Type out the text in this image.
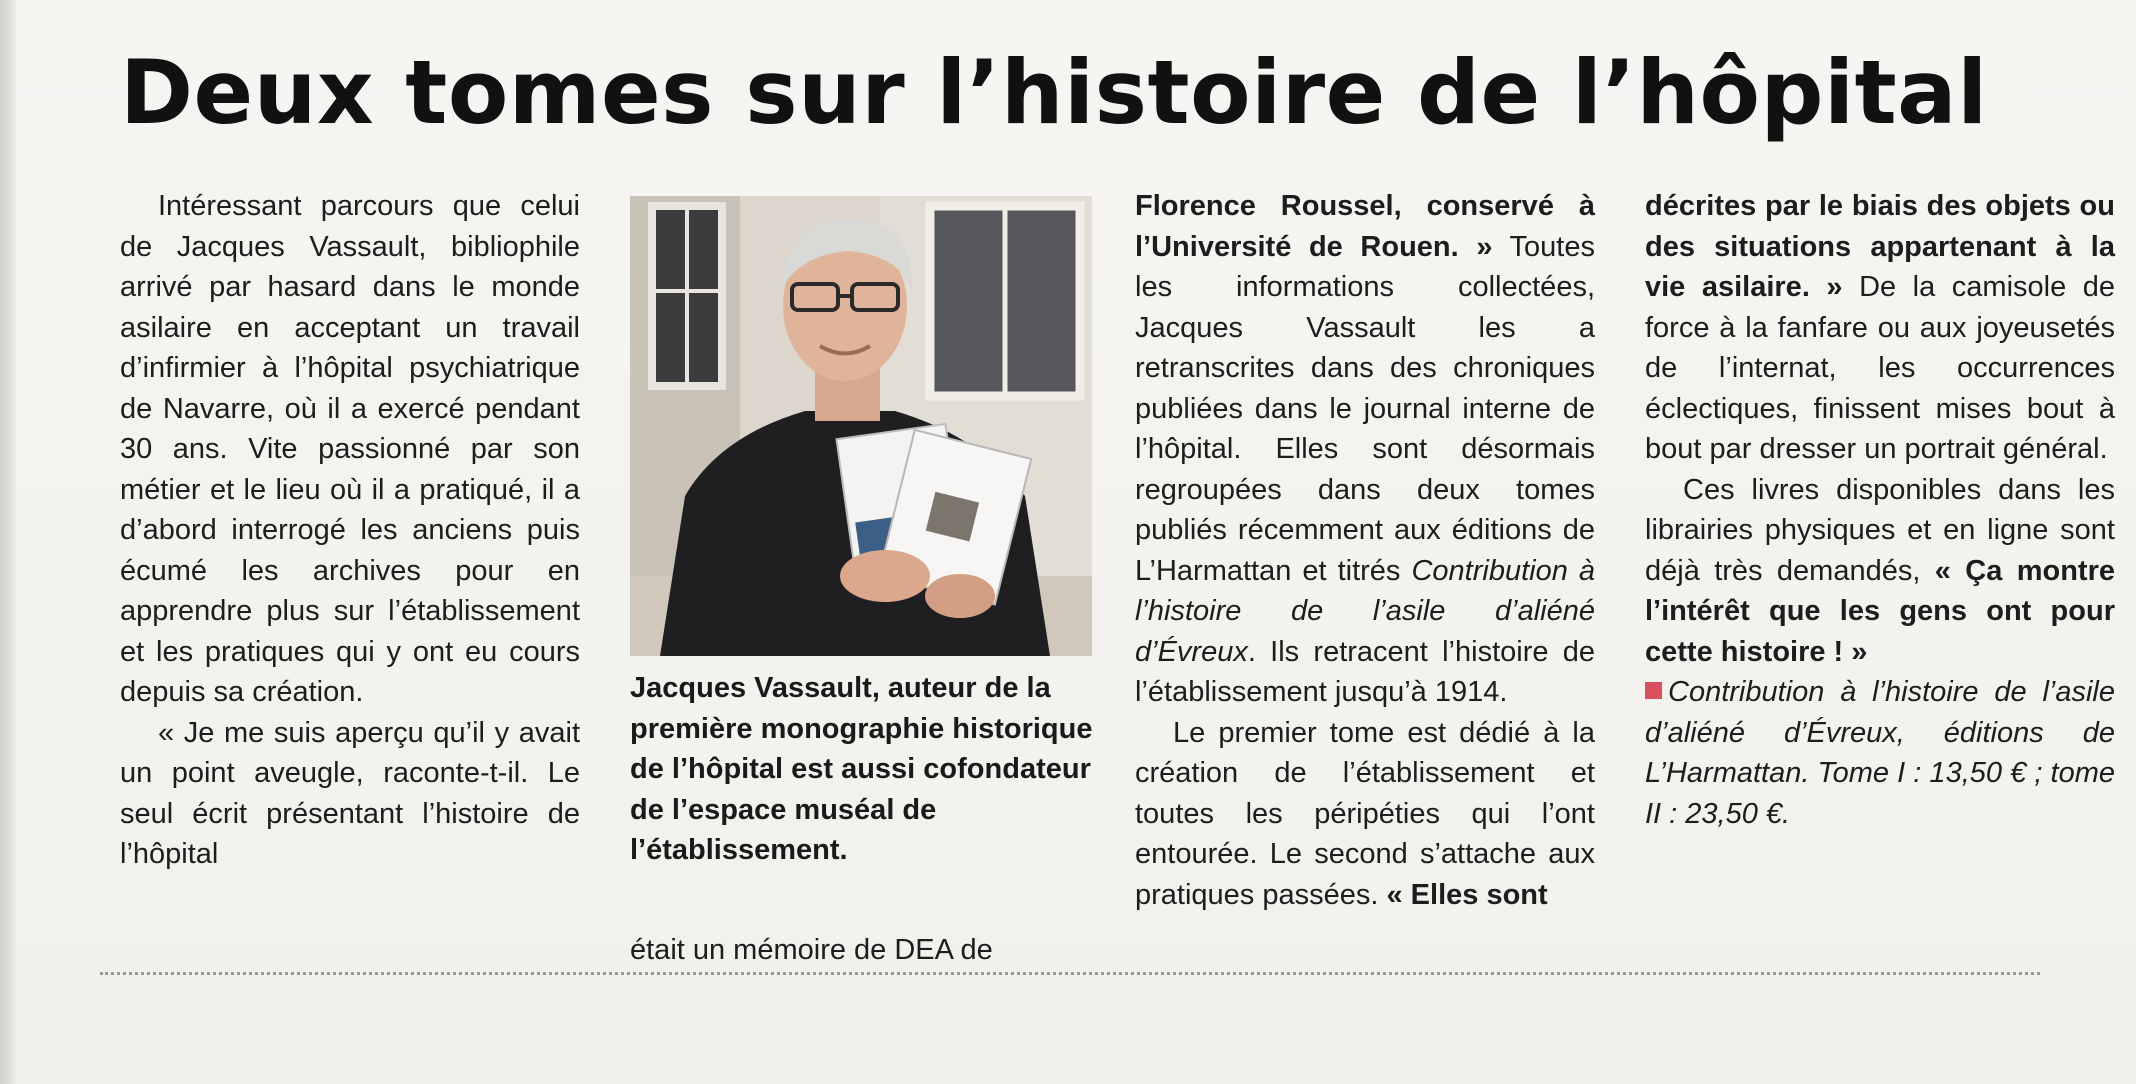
Deux tomes sur l’histoire de l’hôpital

Intéressant parcours que celui de Jacques Vassault, bibliophile arrivé par hasard dans le monde asilaire en acceptant un travail d’infirmier à l’hôpital psychiatrique de Navarre, où il a exercé pendant 30 ans. Vite passionné par son métier et le lieu où il a pratiqué, il a d’abord interrogé les anciens puis écumé les archives pour en apprendre plus sur l’établissement et les pratiques qui y ont eu cours depuis sa création.

« Je me suis aperçu qu’il y avait un point aveugle, raconte-t-il. Le seul écrit présentant l’histoire de l’hôpital

Jacques Vassault, auteur de la première monographie historique de l’hôpital est aussi cofondateur de l’espace muséal de l’établissement.
était un mémoire de DEA de

Florence Roussel, conservé à l’Université de Rouen. » Toutes les informations collectées, Jacques Vassault les a retranscrites dans des chroniques publiées dans le journal interne de l’hôpital. Elles sont désormais regroupées dans deux tomes publiés récemment aux éditions de L’Harmattan et titrés Contribution à l’histoire de l’asile d’aliéné d’Évreux. Ils retracent l’histoire de l’établissement jusqu’à 1914.

Le premier tome est dédié à la création de l’établissement et toutes les péripéties qui l’ont entourée. Le second s’attache aux pratiques passées. « Elles sont

décrites par le biais des objets ou des situations appartenant à la vie asilaire. » De la camisole de force à la fanfare ou aux joyeusetés de l’internat, les occurrences éclectiques, finissent mises bout à bout par dresser un portrait général.

Ces livres disponibles dans les librairies physiques et en ligne sont déjà très demandés, « Ça montre l’intérêt que les gens ont pour cette histoire ! »

Contribution à l’histoire de l’asile d’aliéné d’Évreux, éditions de L’Harmattan. Tome I : 13,50 € ; tome II : 23,50 €.
